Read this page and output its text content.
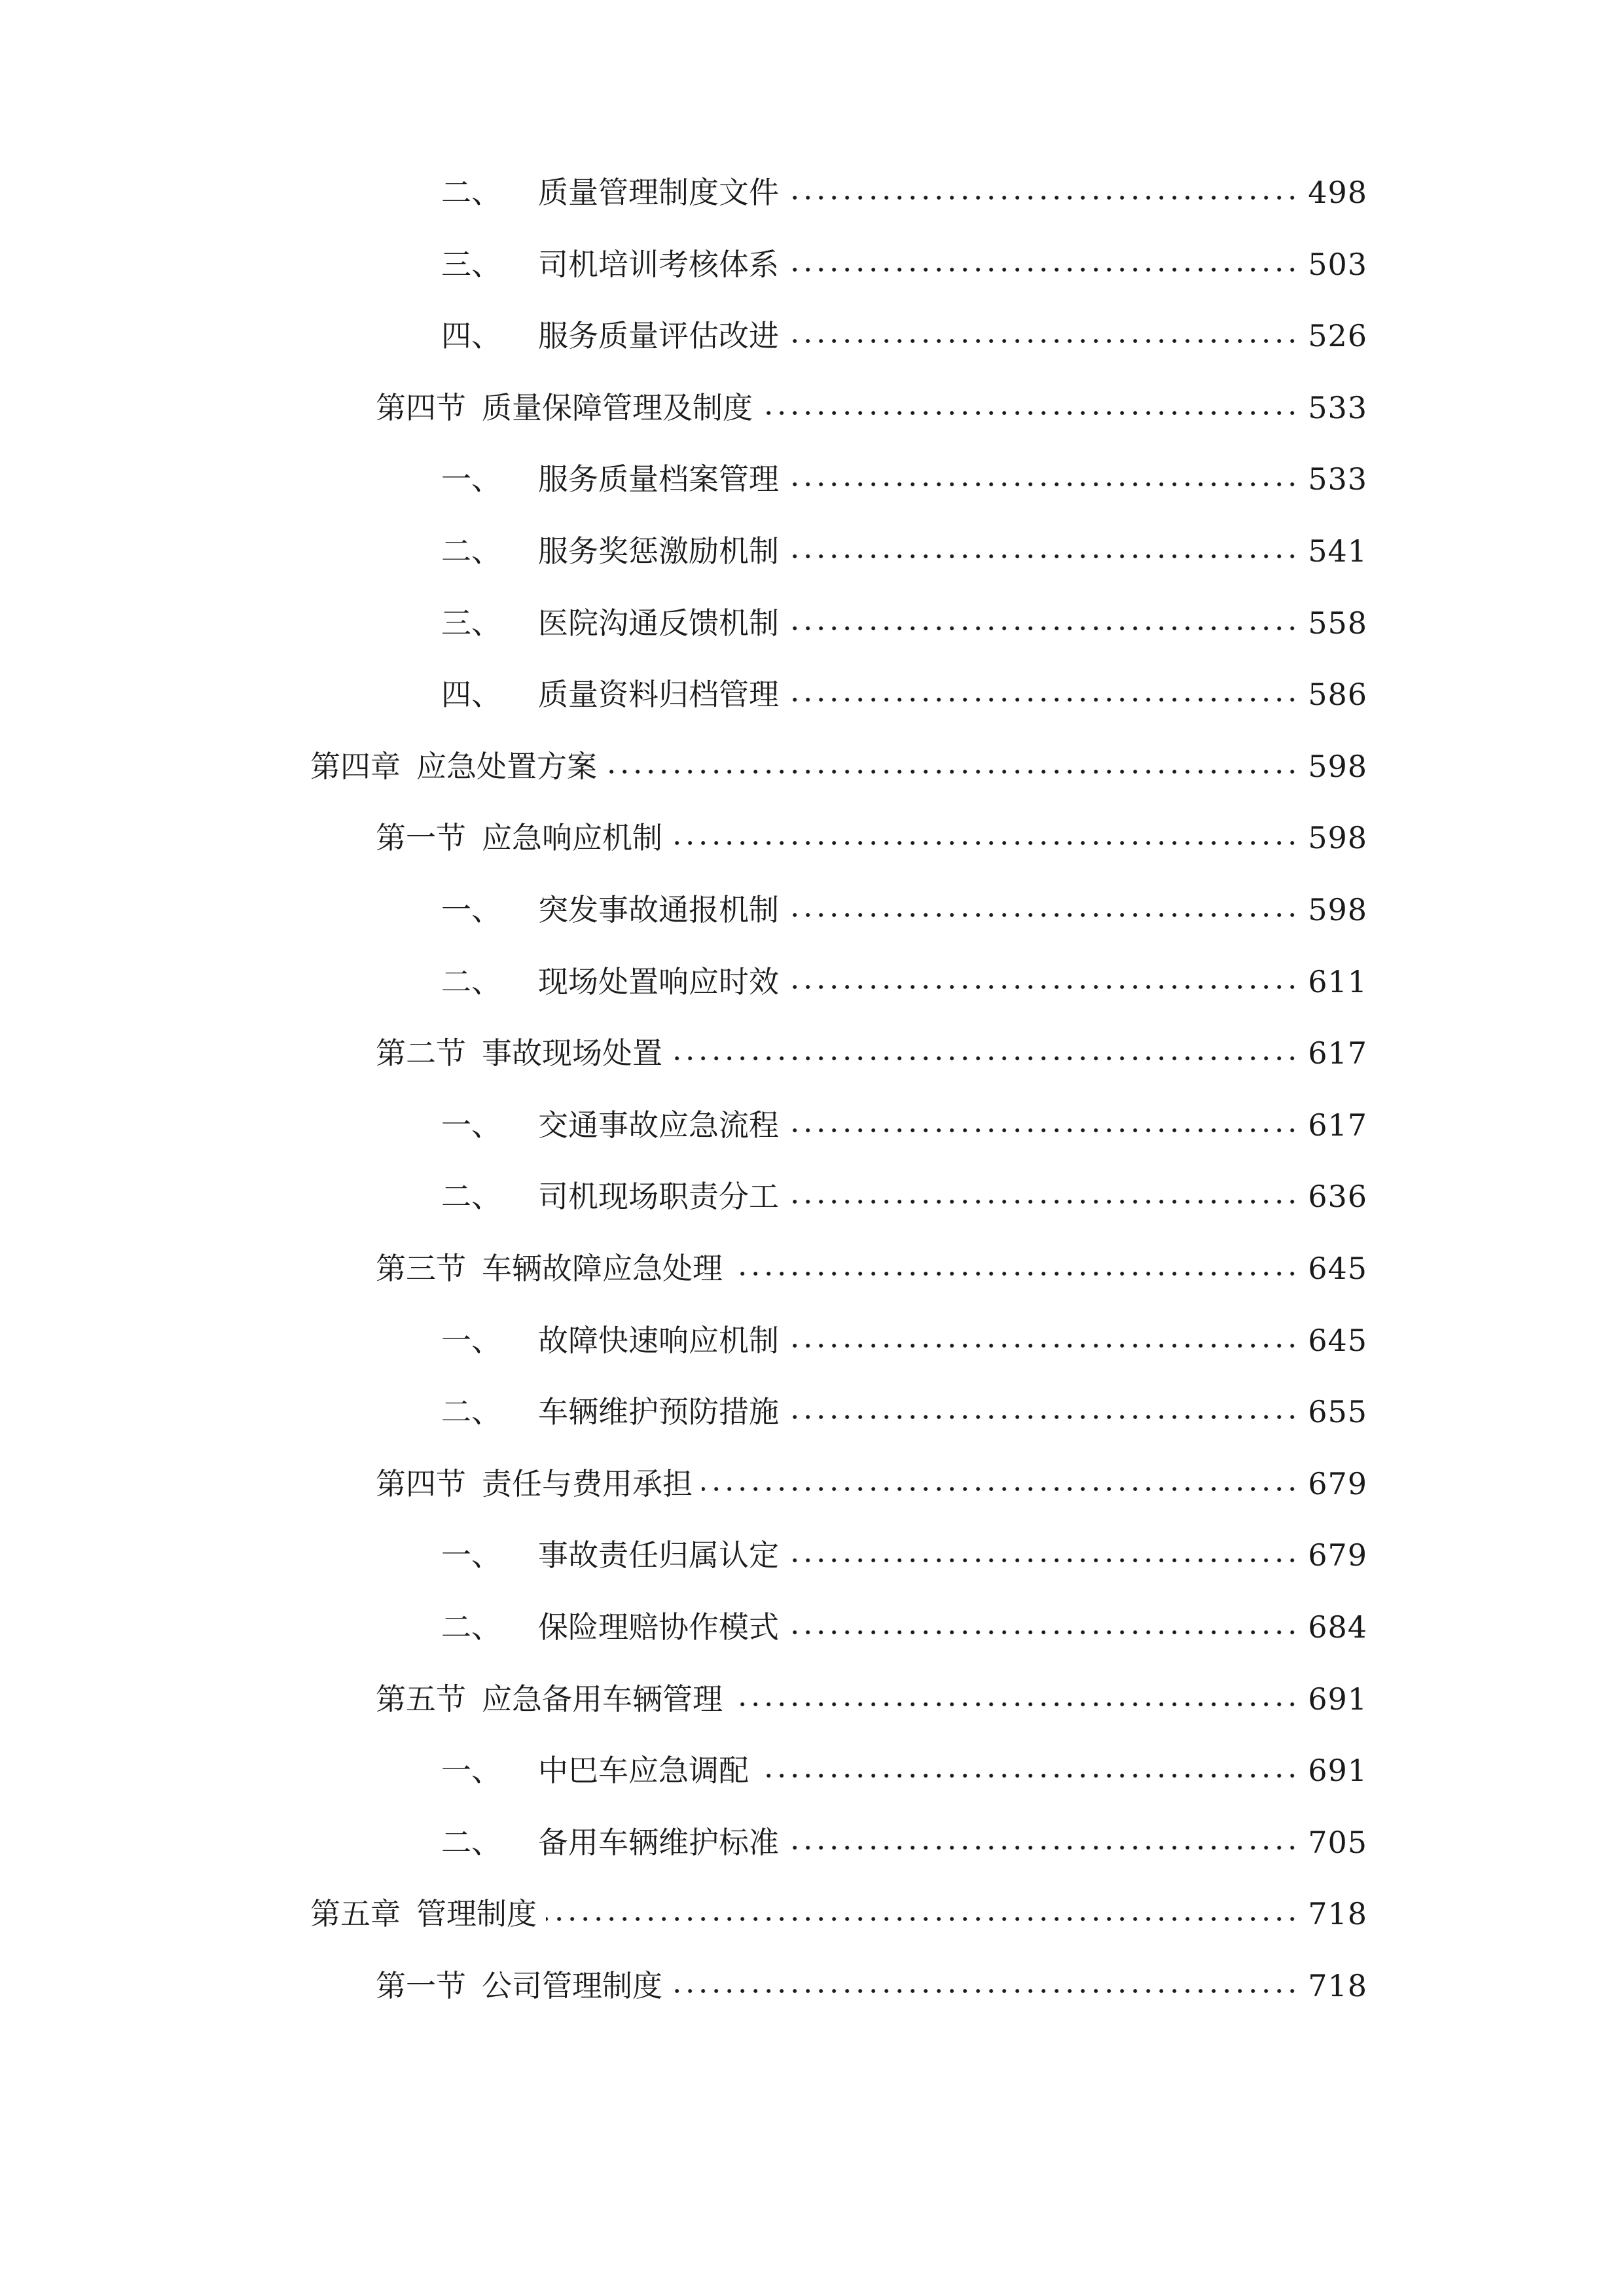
二、	质量管理制度文件	498
三、	司机培训考核体系	503
四、	服务质量评估改进	526
第四节 质量保障管理及制度	533
一、	服务质量档案管理	533
二、	服务奖惩激励机制	541
三、	医院沟通反馈机制	558
四、	质量资料归档管理	586
第四章 应急处置方案	598
第一节 应急响应机制	598
一、	突发事故通报机制	598
二、	现场处置响应时效	611
第二节 事故现场处置	617
一、	交通事故应急流程	617
二、	司机现场职责分工	636
第三节 车辆故障应急处理	645
一、	故障快速响应机制	645
二、	车辆维护预防措施	655
第四节 责任与费用承担	679
一、	事故责任归属认定	679
二、	保险理赔协作模式	684
第五节 应急备用车辆管理	691
一、	中巴车应急调配	691
二、	备用车辆维护标准	705
第五章 管理制度	718
第一节 公司管理制度	718
